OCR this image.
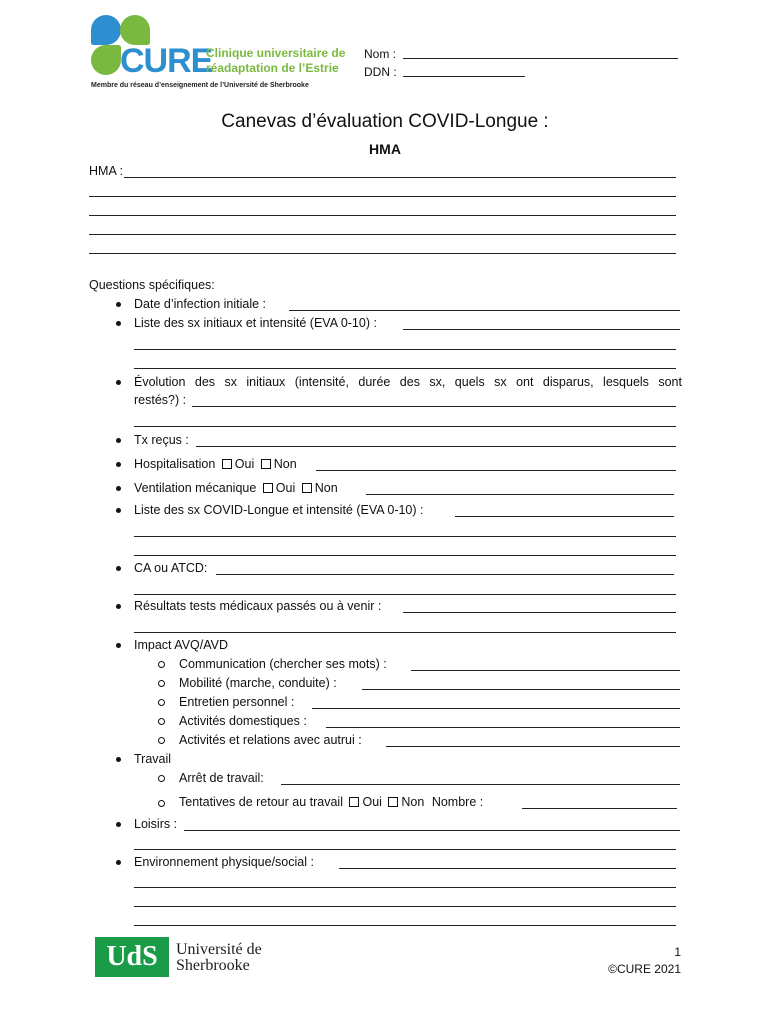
CURE
Clinique universitaire de
réadaptation de l’Estrie
Membre du réseau d’enseignement de l’Université de Sherbrooke
Nom :
DDN :
Canevas d’évaluation COVID-Longue :
HMA
HMA :
Questions spécifiques:
Date d’infection initiale :
Liste des sx initiaux et intensité (EVA 0-10) :
Évolution des sx initiaux (intensité, durée des sx, quels sx ont disparus, lesquels sont
restés?) :
Tx reçus :
Hospitalisation Oui Non
Ventilation mécanique Oui Non
Liste des sx COVID-Longue et intensité (EVA 0-10) :
CA ou ATCD:
Résultats tests médicaux passés ou à venir :
Impact AVQ/AVD
Communication (chercher ses mots) :
Mobilité (marche, conduite) :
Entretien personnel :
Activités domestiques :
Activités et relations avec autrui :
Travail
Arrêt de travail:
Tentatives de retour au travail Oui Non Nombre :
Loisirs :
Environnement physique/social :
UdS	Université de
Sherbrooke
1
©CURE 2021
